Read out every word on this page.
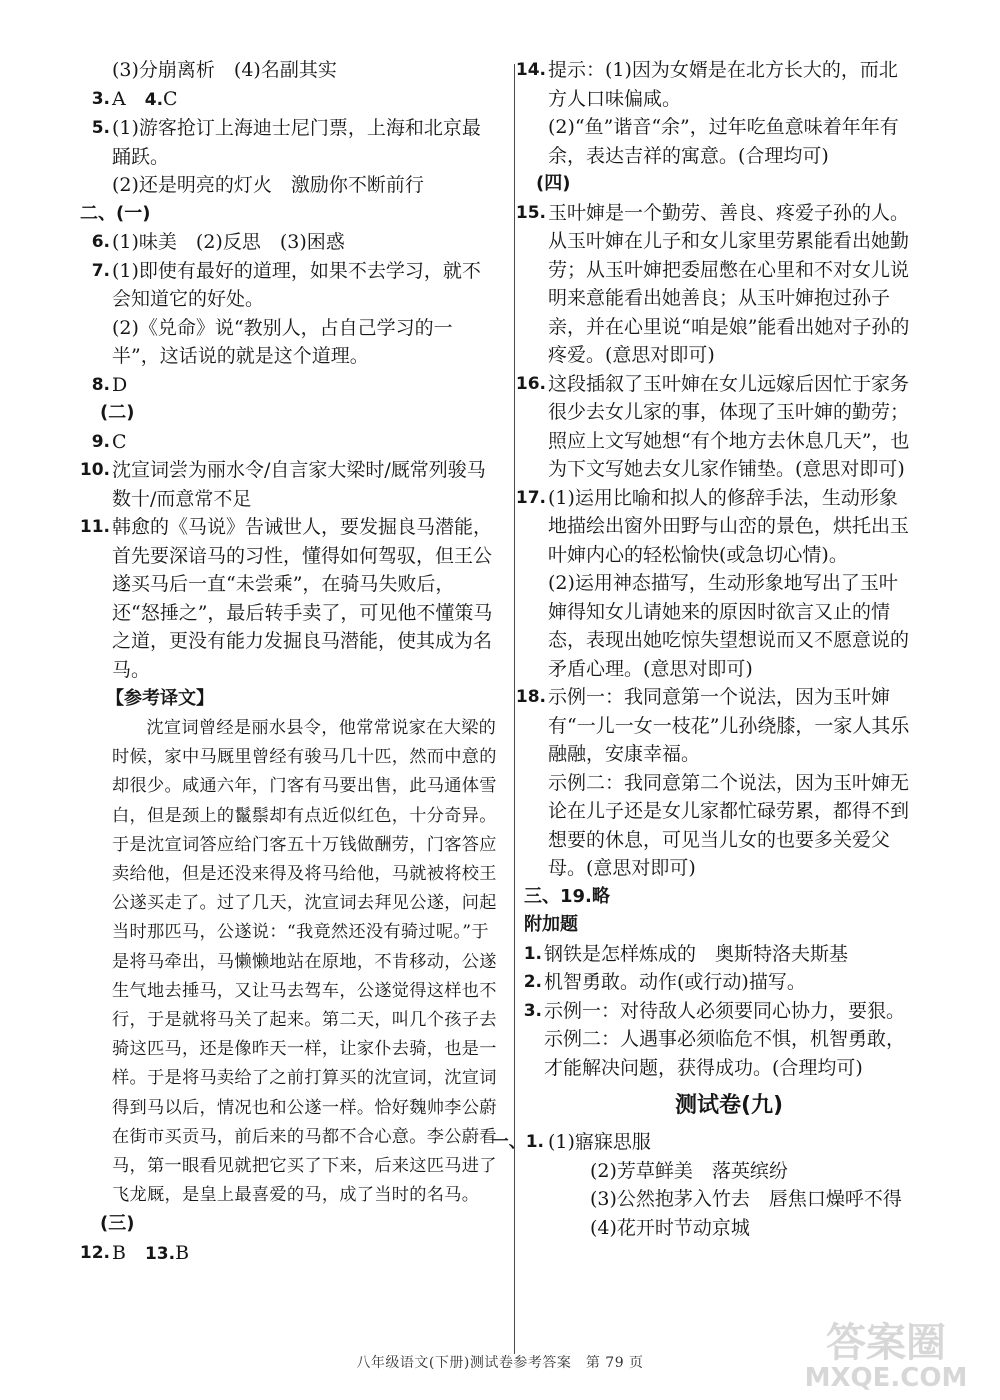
(3)分崩离析　(4)名副其实
3. A　4.C
5. (1)游客抢订上海迪士尼门票，上海和北京最踊跃。
(2)还是明亮的灯火　激励你不断前行
二、(一)
6. (1)味美　(2)反思　(3)困惑
7. (1)即使有最好的道理，如果不去学习，就不会知道它的好处。
(2)《兑命》说“教别人，占自己学习的一半”，这话说的就是这个道理。
8. D
(二)
9. C
10. 沈宣词尝为丽水令/自言家大梁时/厩常列骏马数十/而意常不足
11. 韩愈的《马说》告诫世人，要发掘良马潜能，首先要深谙马的习性，懂得如何驾驭，但王公遂买马后一直“未尝乘”，在骑马失败后，还“怒捶之”，最后转手卖了，可见他不懂策马之道，更没有能力发掘良马潜能，使其成为名马。
【参考译文】
沈宣词曾经是丽水县令，他常常说家在大梁的时候，家中马厩里曾经有骏马几十匹，然而中意的却很少。咸通六年，门客有马要出售，此马通体雪白，但是颈上的鬣鬃却有点近似红色，十分奇异。于是沈宣词答应给门客五十万钱做酬劳，门客答应卖给他，但是还没来得及将马给他，马就被将校王公遂买走了。过了几天，沈宣词去拜见公遂，问起当时那匹马，公遂说：“我竟然还没有骑过呢。”于是将马牵出，马懒懒地站在原地，不肯移动，公遂生气地去捶马，又让马去驾车，公遂觉得这样也不行，于是就将马关了起来。第二天，叫几个孩子去骑这匹马，还是像昨天一样，让家仆去骑，也是一样。于是将马卖给了之前打算买的沈宣词，沈宣词得到马以后，情况也和公遂一样。恰好魏帅李公蔚在街市买贡马，前后来的马都不合心意。李公蔚看马，第一眼看见就把它买了下来，后来这匹马进了飞龙厩，是皇上最喜爱的马，成了当时的名马。
(三)
12. B　13.B
14. 提示：(1)因为女婿是在北方长大的，而北方人口味偏咸。
(2)“鱼”谐音“余”，过年吃鱼意味着年年有余，表达吉祥的寓意。(合理均可)
(四)
15. 玉叶婶是一个勤劳、善良、疼爱子孙的人。从玉叶婶在儿子和女儿家里劳累能看出她勤劳；从玉叶婶把委屈憋在心里和不对女儿说明来意能看出她善良；从玉叶婶抱过孙子亲，并在心里说“咱是娘”能看出她对子孙的疼爱。(意思对即可)
16. 这段插叙了玉叶婶在女儿远嫁后因忙于家务很少去女儿家的事，体现了玉叶婶的勤劳；照应上文写她想“有个地方去休息几天”，也为下文写她去女儿家作铺垫。(意思对即可)
17. (1)运用比喻和拟人的修辞手法，生动形象地描绘出窗外田野与山峦的景色，烘托出玉叶婶内心的轻松愉快(或急切心情)。
(2)运用神态描写，生动形象地写出了玉叶婶得知女儿请她来的原因时欲言又止的情态，表现出她吃惊失望想说而又不愿意说的矛盾心理。(意思对即可)
18. 示例一：我同意第一个说法，因为玉叶婶有“一儿一女一枝花”儿孙绕膝，一家人其乐融融，安康幸福。
示例二：我同意第二个说法，因为玉叶婶无论在儿子还是女儿家都忙碌劳累，都得不到想要的休息，可见当儿女的也要多关爱父母。(意思对即可)
三、19.略
附加题
1. 钢铁是怎样炼成的　奥斯特洛夫斯基
2. 机智勇敢。动作(或行动)描写。
3. 示例一：对待敌人必须要同心协力，要狠。
示例二：人遇事必须临危不惧，机智勇敢，才能解决问题，获得成功。(合理均可)
测试卷(九)
一、1. (1)寤寐思服
(2)芳草鲜美　落英缤纷
(3)公然抱茅入竹去　唇焦口燥呼不得
(4)花开时节动京城
八年级语文(下册)测试卷参考答案　第 79 页	答案圈
MXQE.COM
